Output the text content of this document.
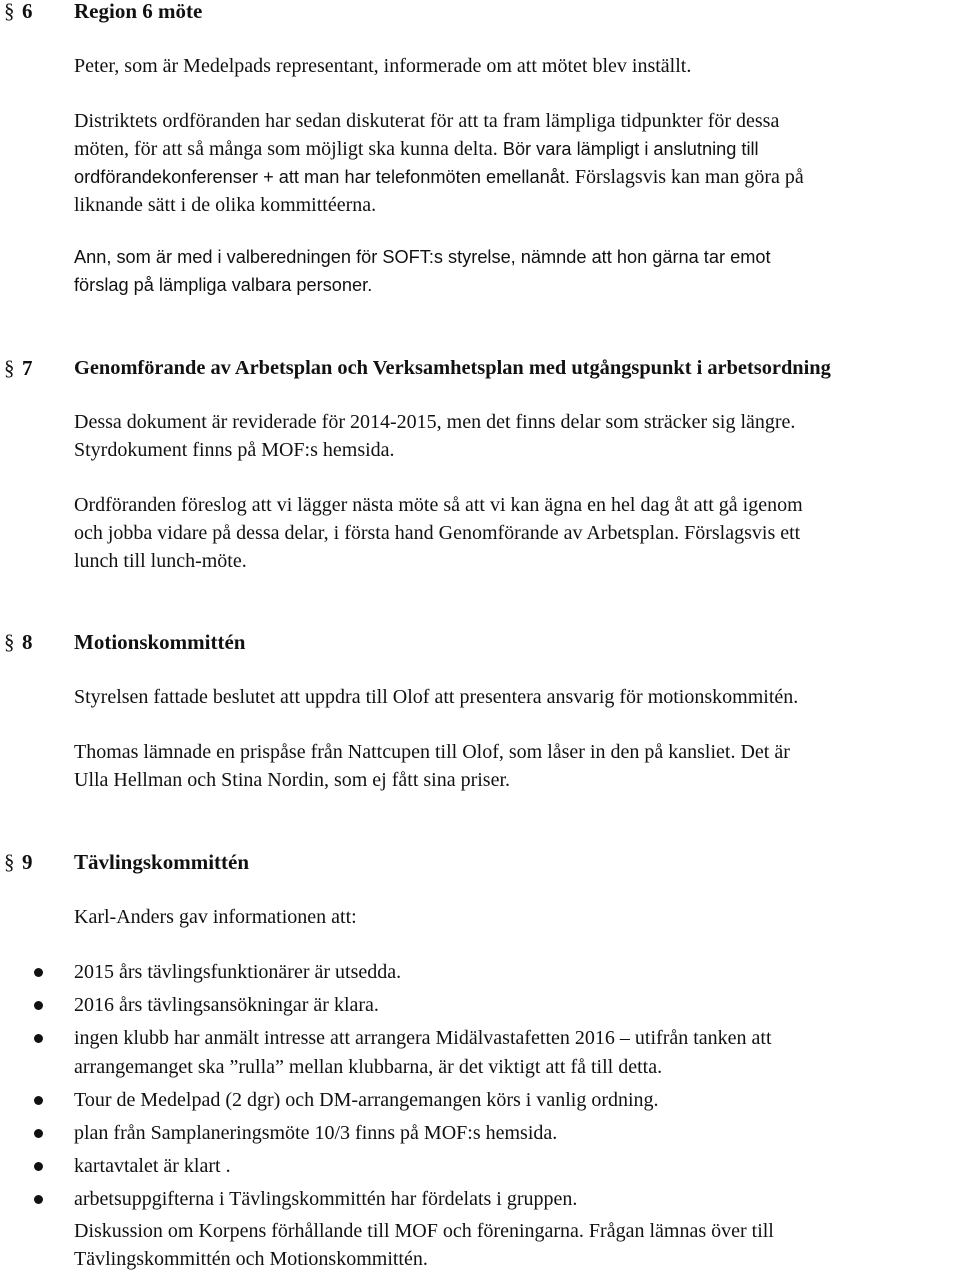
§ 6 Region 6 möte
Peter, som är Medelpads representant, informerade om att mötet blev inställt.
Distriktets ordföranden har sedan diskuterat för att ta fram lämpliga tidpunkter för dessa
möten, för att så många som möjligt ska kunna delta. Bör vara lämpligt i anslutning till
ordförandekonferenser + att man har telefonmöten emellanåt. Förslagsvis kan man göra på
liknande sätt i de olika kommittéerna.
Ann, som är med i valberedningen för SOFT:s styrelse, nämnde att hon gärna tar emot
förslag på lämpliga valbara personer.
§ 7 Genomförande av Arbetsplan och Verksamhetsplan med utgångspunkt i arbetsordning
Dessa dokument är reviderade för 2014-2015, men det finns delar som sträcker sig längre.
Styrdokument finns på MOF:s hemsida.
Ordföranden föreslog att vi lägger nästa möte så att vi kan ägna en hel dag åt att gå igenom
och jobba vidare på dessa delar, i första hand Genomförande av Arbetsplan. Förslagsvis ett
lunch till lunch-möte.
§ 8 Motionskommittén
Styrelsen fattade beslutet att uppdra till Olof att presentera ansvarig för motionskommitén.
Thomas lämnade en prispåse från Nattcupen till Olof, som låser in den på kansliet. Det är
Ulla Hellman och Stina Nordin, som ej fått sina priser.
§ 9 Tävlingskommittén
Karl-Anders gav informationen att:
2015 års tävlingsfunktionärer är utsedda.
2016 års tävlingsansökningar är klara.
ingen klubb har anmält intresse att arrangera Midälvastafetten 2016 – utifrån tanken att
arrangemanget ska ”rulla” mellan klubbarna, är det viktigt att få till detta.
Tour de Medelpad (2 dgr) och DM-arrangemangen körs i vanlig ordning.
plan från Samplaneringsmöte 10/3 finns på MOF:s hemsida.
kartavtalet är klart .
arbetsuppgifterna i Tävlingskommittén har fördelats i gruppen.
Diskussion om Korpens förhållande till MOF och föreningarna. Frågan lämnas över till
Tävlingskommittén och Motionskommittén.
